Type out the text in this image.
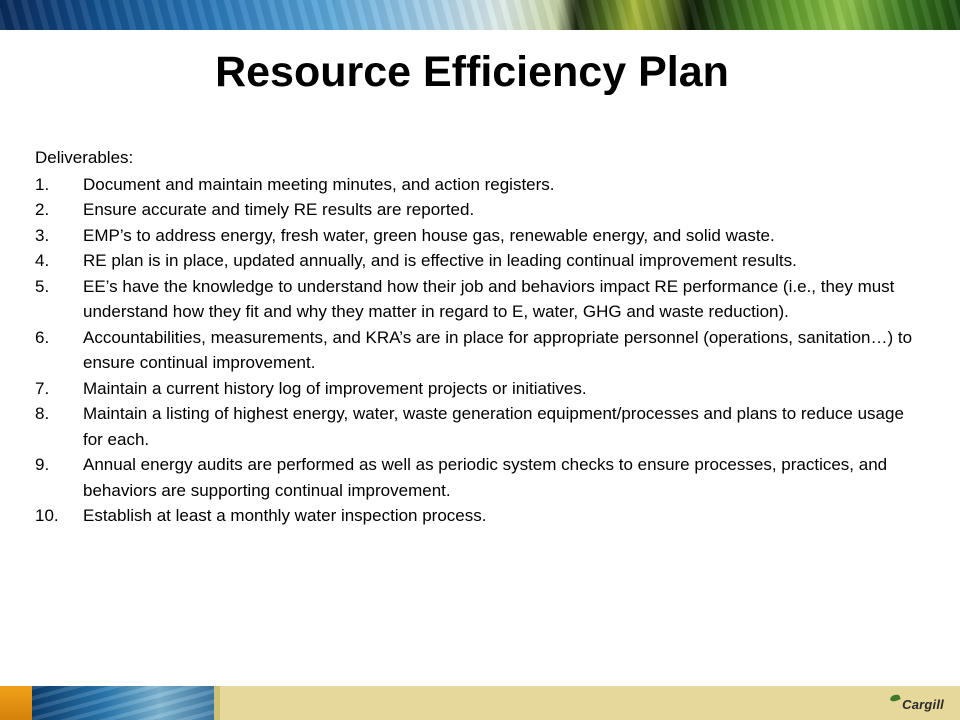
Resource Efficiency Plan

Deliverables:

1. Document and maintain meeting minutes, and action registers.
2. Ensure accurate and timely RE results are reported.
3. EMP’s to address energy, fresh water, green house gas, renewable energy, and solid waste.
4. RE plan is in place, updated annually, and is effective in leading continual improvement results.
5. EE’s have the knowledge to understand how their job and behaviors impact RE performance (i.e., they must understand how they fit and why they matter in regard to E, water, GHG and waste reduction).
6. Accountabilities, measurements, and KRA’s are in place for appropriate personnel (operations, sanitation…) to ensure continual improvement.
7. Maintain a current history log of improvement projects or initiatives.
8. Maintain a listing of highest energy, water, waste generation equipment/processes and plans to reduce usage for each.
9. Annual energy audits are performed as well as periodic system checks to ensure processes, practices, and behaviors are supporting continual improvement.
10. Establish at least a monthly water inspection process.
Cargill
